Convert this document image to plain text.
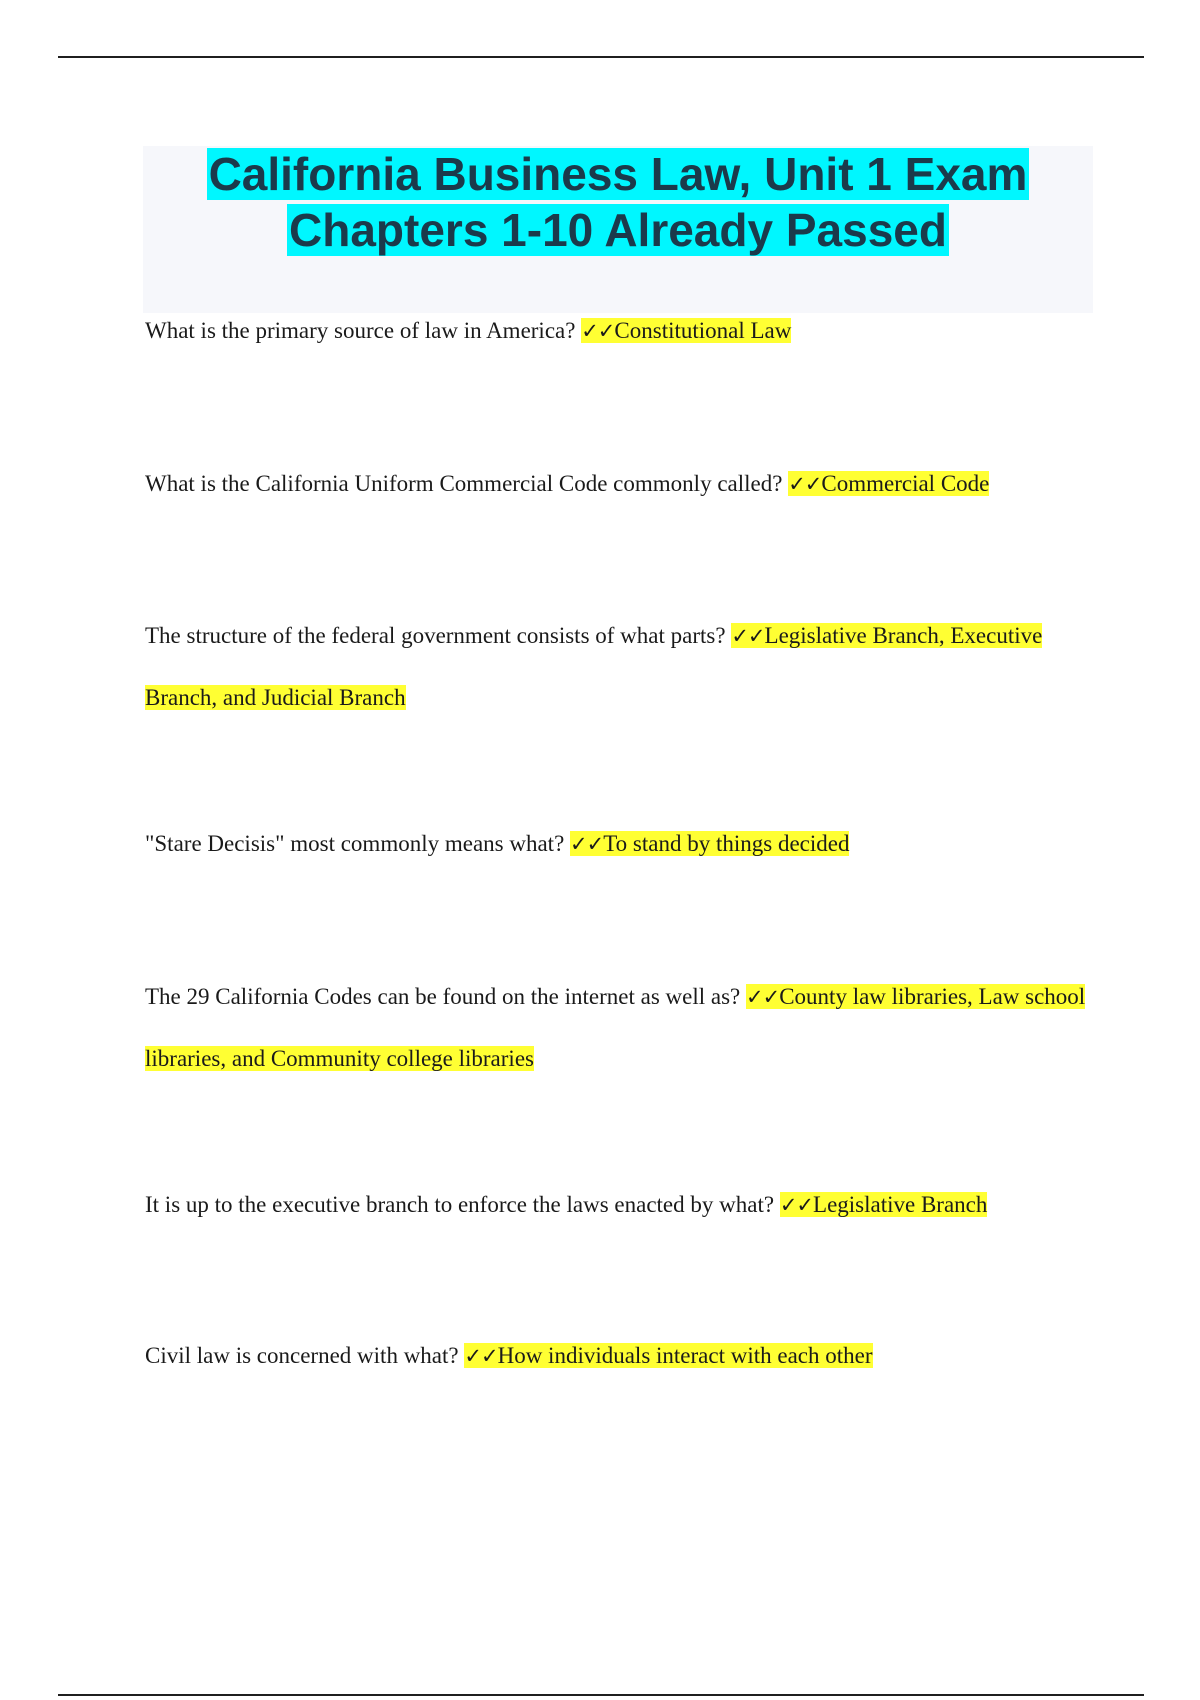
California Business Law, Unit 1 Exam
Chapters 1-10 Already Passed

What is the primary source of law in America? ✓✓Constitutional Law

What is the California Uniform Commercial Code commonly called? ✓✓Commercial Code

The structure of the federal government consists of what parts? ✓✓Legislative Branch, Executive Branch, and Judicial Branch

"Stare Decisis" most commonly means what? ✓✓To stand by things decided

The 29 California Codes can be found on the internet as well as? ✓✓County law libraries, Law school libraries, and Community college libraries

It is up to the executive branch to enforce the laws enacted by what? ✓✓Legislative Branch

Civil law is concerned with what? ✓✓How individuals interact with each other
